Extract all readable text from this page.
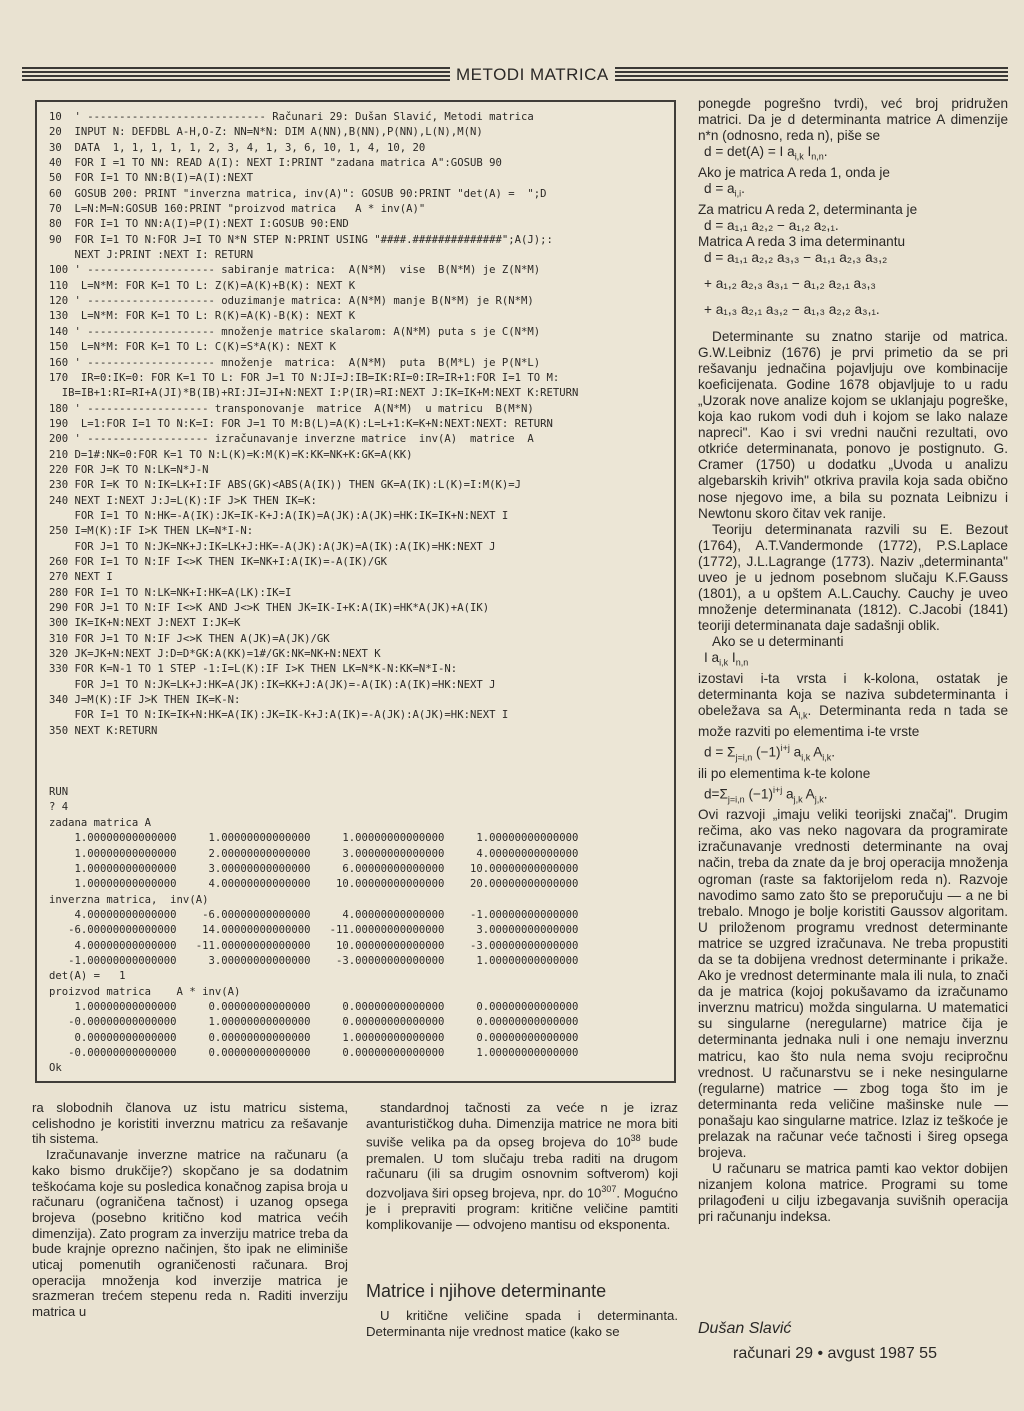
METODI MATRICA
10  ' ---------------------------- Računari 29: Dušan Slavić, Metodi matrica
20  INPUT N: DEFDBL A-H,O-Z: NN=N*N: DIM A(NN),B(NN),P(NN),L(N),M(N)
30  DATA  1, 1, 1, 1, 1, 2, 3, 4, 1, 3, 6, 10, 1, 4, 10, 20
40  FOR I =1 TO NN: READ A(I): NEXT I:PRINT "zadana matrica A":GOSUB 90
50  FOR I=1 TO NN:B(I)=A(I):NEXT
60  GOSUB 200: PRINT "inverzna matrica, inv(A)": GOSUB 90:PRINT "det(A) =  ";D
70  L=N:M=N:GOSUB 160:PRINT "proizvod matrica   A * inv(A)"
80  FOR I=1 TO NN:A(I)=P(I):NEXT I:GOSUB 90:END
90  FOR I=1 TO N:FOR J=I TO N*N STEP N:PRINT USING "####.##############";A(J);:
NEXT J:PRINT :NEXT I: RETURN
100 ' -------------------- sabiranje matrica:  A(N*M)  vise  B(N*M) je Z(N*M)
110  L=N*M: FOR K=1 TO L: Z(K)=A(K)+B(K): NEXT K
120 ' -------------------- oduzimanje matrica: A(N*M) manje B(N*M) je R(N*M)
130  L=N*M: FOR K=1 TO L: R(K)=A(K)-B(K): NEXT K
140 ' -------------------- množenje matrice skalarom: A(N*M) puta s je C(N*M)
150  L=N*M: FOR K=1 TO L: C(K)=S*A(K): NEXT K
160 ' -------------------- množenje  matrica:  A(N*M)  puta  B(M*L) je P(N*L)
170  IR=0:IK=0: FOR K=1 TO L: FOR J=1 TO N:JI=J:IB=IK:RI=0:IR=IR+1:FOR I=1 TO M:
IB=IB+1:RI=RI+A(JI)*B(IB)+RI:JI=JI+N:NEXT I:P(IR)=RI:NEXT J:IK=IK+M:NEXT K:RETURN
180 ' ------------------- transponovanje  matrice  A(N*M)  u matricu  B(M*N)
190  L=1:FOR I=1 TO N:K=I: FOR J=1 TO M:B(L)=A(K):L=L+1:K=K+N:NEXT:NEXT: RETURN
200 ' ------------------- izračunavanje inverzne matrice  inv(A)  matrice  A
210 D=1#:NK=0:FOR K=1 TO N:L(K)=K:M(K)=K:KK=NK+K:GK=A(KK)
220 FOR J=K TO N:LK=N*J-N
230 FOR I=K TO N:IK=LK+I:IF ABS(GK)<ABS(A(IK)) THEN GK=A(IK):L(K)=I:M(K)=J
240 NEXT I:NEXT J:J=L(K):IF J>K THEN IK=K:
FOR I=1 TO N:HK=-A(IK):JK=IK-K+J:A(IK)=A(JK):A(JK)=HK:IK=IK+N:NEXT I
250 I=M(K):IF I>K THEN LK=N*I-N:
FOR J=1 TO N:JK=NK+J:IK=LK+J:HK=-A(JK):A(JK)=A(IK):A(IK)=HK:NEXT J
260 FOR I=1 TO N:IF I<>K THEN IK=NK+I:A(IK)=-A(IK)/GK
270 NEXT I
280 FOR I=1 TO N:LK=NK+I:HK=A(LK):IK=I
290 FOR J=1 TO N:IF I<>K AND J<>K THEN JK=IK-I+K:A(IK)=HK*A(JK)+A(IK)
300 IK=IK+N:NEXT J:NEXT I:JK=K
310 FOR J=1 TO N:IF J<>K THEN A(JK)=A(JK)/GK
320 JK=JK+N:NEXT J:D=D*GK:A(KK)=1#/GK:NK=NK+N:NEXT K
330 FOR K=N-1 TO 1 STEP -1:I=L(K):IF I>K THEN LK=N*K-N:KK=N*I-N:
FOR J=1 TO N:JK=LK+J:HK=A(JK):IK=KK+J:A(JK)=-A(IK):A(IK)=HK:NEXT J
340 J=M(K):IF J>K THEN IK=K-N:
FOR I=1 TO N:IK=IK+N:HK=A(IK):JK=IK-K+J:A(IK)=-A(JK):A(JK)=HK:NEXT I
350 NEXT K:RETURN

RUN
? 4
zadana matrica A
1.00000000000000     1.00000000000000     1.00000000000000     1.00000000000000
1.00000000000000     2.00000000000000     3.00000000000000     4.00000000000000
1.00000000000000     3.00000000000000     6.00000000000000    10.00000000000000
1.00000000000000     4.00000000000000    10.00000000000000    20.00000000000000
inverzna matrica,  inv(A)
4.00000000000000    -6.00000000000000     4.00000000000000    -1.00000000000000
-6.00000000000000    14.00000000000000   -11.00000000000000     3.00000000000000
4.00000000000000   -11.00000000000000    10.00000000000000    -3.00000000000000
-1.00000000000000     3.00000000000000    -3.00000000000000     1.00000000000000
det(A) =   1
proizvod matrica    A * inv(A)
1.00000000000000     0.00000000000000     0.00000000000000     0.00000000000000
-0.00000000000000     1.00000000000000     0.00000000000000     0.00000000000000
0.00000000000000     0.00000000000000     1.00000000000000     0.00000000000000
-0.00000000000000     0.00000000000000     0.00000000000000     1.00000000000000
Ok

ra slobodnih članova uz istu matricu sistema, celishodno je koristiti inverznu matricu za rešavanje tih sistema.

Izračunavanje inverzne matrice na računaru (a kako bismo drukčije?) skopčano je sa dodatnim teškoćama koje su posledica konačnog zapisa broja u računaru (ograničena tačnost) i uzanog opsega brojeva (posebno kritično kod matrica većih dimenzija). Zato program za inverziju matrice treba da bude krajnje oprezno načinjen, što ipak ne eliminiše uticaj pomenutih ograničenosti računara. Broj operacija množenja kod inverzije matrica je srazmeran trećem stepenu reda n. Raditi inverziju matrica u

standardnoj tačnosti za veće n je izraz avanturističkog duha. Dimenzija matrice ne mora biti suviše velika pa da opseg brojeva do $10^{38}$ bude premalen. U tom slučaju treba raditi na drugom računaru (ili sa drugim osnovnim softverom) koji dozvoljava širi opseg brojeva, npr. do $10^{307}$. Mogućno je i prepraviti program: kritične veličine pamtiti komplikovanije — odvojeno mantisu od eksponenta.

Matrice i njihove determinante

U kritične veličine spada i determinanta. Determinanta nije vrednost matice (kako se

ponegde pogrešno tvrdi), već broj pridružen matrici. Da je d determinanta matrice A dimenzije n*n (odnosno, reda n), piše se

d = det(A) = I $a_{i,k}$ $I_{n,n}$.

Ako je matrica A reda 1, onda je

$d = a_{i,i}$.

Za matricu A reda 2, determinanta je

d = a₁,₁ a₂,₂ − a₁,₂ a₂,₁.

Matrica A reda 3 ima determinantu

d = a₁,₁ a₂,₂ a₃,₃ − a₁,₁ a₂,₃ a₃,₂

+ a₁,₂ a₂,₃ a₃,₁ − a₁,₂ a₂,₁ a₃,₃

+ a₁,₃ a₂,₁ a₃,₂ − a₁,₃ a₂,₂ a₃,₁.

Determinante su znatno starije od matrica. G.W.Leibniz (1676) je prvi primetio da se pri rešavanju jednačina pojavljuju ove kombinacije koeficijenata. Godine 1678 objavljuje to u radu „Uzorak nove analize kojom se uklanjaju pogreške, koja kao rukom vodi duh i kojom se lako nalaze napreci". Kao i svi vredni naučni rezultati, ovo otkriće determinanata, ponovo je postignuto. G. Cramer (1750) u dodatku „Uvoda u analizu algebarskih krivih" otkriva pravila koja sada obično nose njegovo ime, a bila su poznata Leibnizu i Newtonu skoro čitav vek ranije.

Teoriju determinanata razvili su E. Bezout (1764), A.T.Vandermonde (1772), P.S.Laplace (1772), J.L.Lagrange (1773). Naziv „determinanta" uveo je u jednom posebnom slučaju K.F.Gauss (1801), a u opštem A.L.Cauchy. Cauchy je uveo množenje determinanata (1812). C.Jacobi (1841) teoriji determinanata daje sadašnji oblik.

Ako se u determinanti

I $a_{i,k}$ $I_{n,n}$

izostavi i-ta vrsta i k-kolona, ostatak je determinanta koja se naziva subdeterminanta i obeležava sa $A_{i,k}$. Determinanta reda n tada se može razviti po elementima i-te vrste

$d = \Sigma_{j=i,n}$ $(-1)^{i+j}$ $a_{i,k}$ $A_{i,k}$.

ili po elementima k-te kolone

$d=\Sigma_{j=i,n}$ $(-1)^{i+j}$ $a_{j,k}$ $A_{j,k}$.

Ovi razvoji „imaju veliki teorijski značaj". Drugim rečima, ako vas neko nagovara da programirate izračunavanje vrednosti determinante na ovaj način, treba da znate da je broj operacija množenja ogroman (raste sa faktorijelom reda n). Razvoje navodimo samo zato što se preporučuju — a ne bi trebalo. Mnogo je bolje koristiti Gaussov algoritam. U priloženom programu vrednost determinante matrice se uzgred izračunava. Ne treba propustiti da se ta dobijena vrednost determinante i prikaže. Ako je vrednost determinante mala ili nula, to znači da je matrica (kojoj pokušavamo da izračunamo inverznu matricu) možda singularna. U matematici su singularne (neregularne) matrice čija je determinanta jednaka nuli i one nemaju inverznu matricu, kao što nula nema svoju recipročnu vrednost. U računarstvu se i neke nesingularne (regularne) matrice — zbog toga što im je determinanta reda veličine mašinske nule — ponašaju kao singularne matrice. Izlaz iz teškoće je prelazak na računar veće tačnosti i šireg opsega brojeva.

U računaru se matrica pamti kao vektor dobijen nizanjem kolona matrice. Programi su tome prilagođeni u cilju izbegavanja suvišnih operacija pri računanju indeksa.

Dušan Slavić
računari 29 • avgust 1987 55
